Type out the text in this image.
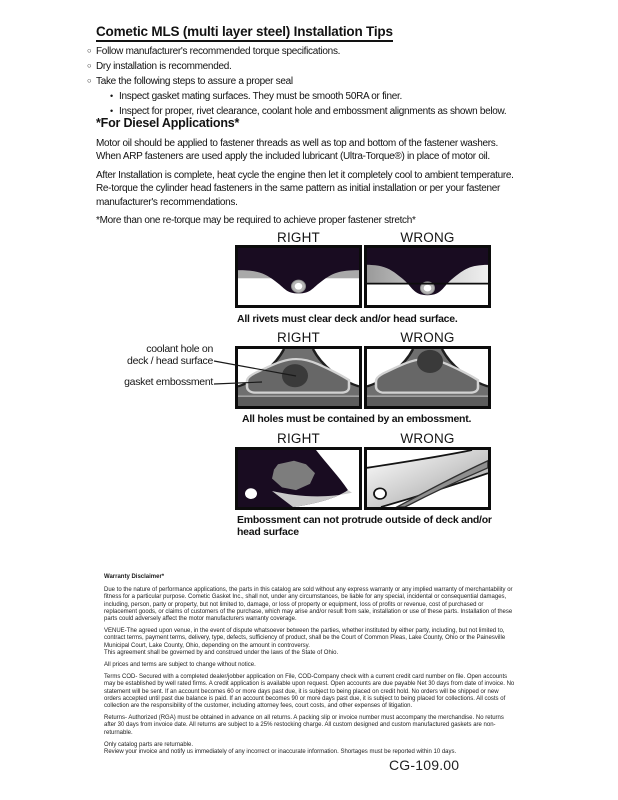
Cometic MLS (multi layer steel) Installation Tips
○ Follow manufacturer's recommended torque specifications.
○ Dry installation is recommended.
○ Take the following steps to assure a proper seal
• Inspect gasket mating surfaces. They must be smooth 50RA or finer.
• Inspect for proper, rivet clearance, coolant hole and embossment alignments as shown below.
*For Diesel Applications*

Motor oil should be applied to fastener threads as well as top and bottom of the fastener washers. When ARP fasteners are used apply the included lubricant (Ultra-Torque®) in place of motor oil.

After Installation is complete, heat cycle the engine then let it completely cool to ambient temperature. Re-torque the cylinder head fasteners in the same pattern as initial installation or per your fastener manufacturer's recommendations.

*More than one re-torque may be required to achieve proper fastener stretch*

RIGHT	WRONG
All rivets must clear deck and/or head surface.
RIGHT	WRONG
coolant hole on
deck / head surface
gasket embossment
All holes must be contained by an embossment.
RIGHT	WRONG
Embossment can not protrude outside of deck and/or head surface

Warranty Disclaimer*

Due to the nature of performance applications, the parts in this catalog are sold without any express warranty or any implied warranty of merchantability or fitness for a particular purpose. Cometic Gasket Inc., shall not, under any circumstances, be liable for any special, incidental or consequential damages, including, person, party or property, but not limited to, damage, or loss of property or equipment, loss of profits or revenue, cost of purchased or replacement goods, or claims of customers of the purchase, which may arise and/or result from sale, installation or use of these parts. Installation of these parts could adversely affect the motor manufacturers warranty coverage.

VENUE-The agreed upon venue, in the event of dispute whatsoever between the parties, whether instituted by either party, including, but not limited to, contract terms, payment terms, delivery, type, defects, sufficiency of product, shall be the Court of Common Pleas, Lake County, Ohio or the Painesville Municipal Court, Lake County, Ohio, depending on the amount in controversy.

This agreement shall be governed by and construed under the laws of the State of Ohio.

All prices and terms are subject to change without notice.

Terms COD- Secured with a completed dealer/jobber application on File, COD-Company check with a current credit card number on file. Open accounts may be established by well rated firms. A credit application is available upon request. Open accounts are due payable Net 30 days from date of invoice. No statement will be sent. If an account becomes 60 or more days past due, it is subject to being placed on credit hold. No orders will be shipped or new orders accepted until past due balance is paid. If an account becomes 90 or more days past due, it is subject to being placed for collections. All costs of collection are the responsibility of the customer, including attorney fees, court costs, and other expenses of litigation.

Returns- Authorized (RGA) must be obtained in advance on all returns. A packing slip or invoice number must accompany the merchandise. No returns after 30 days from invoice date. All returns are subject to a 25% restocking charge. All custom designed and custom manufactured gaskets are non-returnable.

Only catalog parts are returnable.

Review your invoice and notify us immediately of any incorrect or inaccurate information. Shortages must be reported within 10 days.

CG-109.00
